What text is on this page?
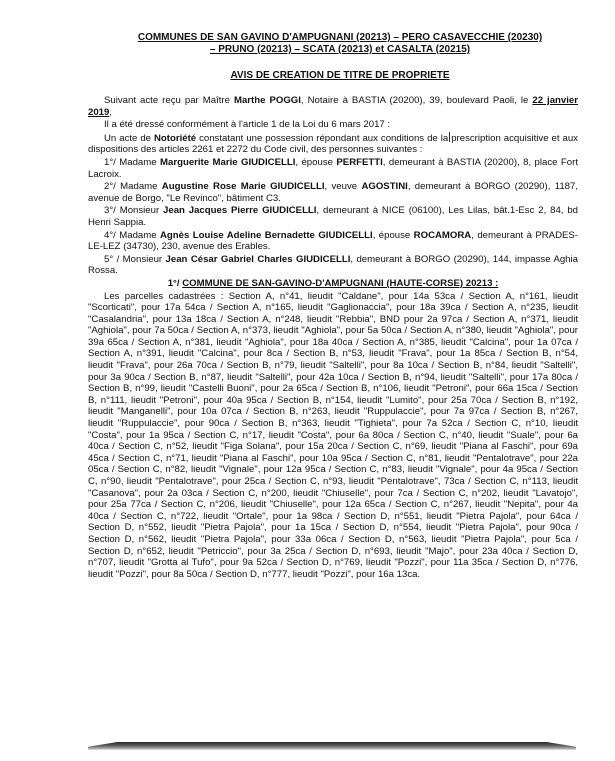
COMMUNES DE SAN GAVINO D'AMPUGNANI (20213) – PERO CASAVECCHIE (20230)
– PRUNO (20213) – SCATA (20213) et CASALTA (20215)
AVIS DE CREATION DE TITRE DE PROPRIETE

Suivant acte reçu par Maître Marthe POGGI, Notaire à BASTIA (20200), 39, boulevard Paoli, le 22 janvier 2019,

Il a été dressé conformément à l'article 1 de la Loi du 6 mars 2017 :

Un acte de Notoriété constatant une possession répondant aux conditions de la prescription acquisitive et aux dispositions des articles 2261 et 2272 du Code civil, des personnes suivantes :

1°/ Madame Marguerite Marie GIUDICELLI, épouse PERFETTI, demeurant à BASTIA (20200), 8, place Fort Lacroix.

2°/ Madame Augustine Rose Marie GIUDICELLI, veuve AGOSTINI, demeurant à BORGO (20290), 1187, avenue de Borgo, "Le Revinco", bâtiment C3.

3°/ Monsieur Jean Jacques Pierre GIUDICELLI, demeurant à NICE (06100), Les Lilas, bât.1-Esc 2, 84, bd Henri Sappia.

4°/ Madame Agnès Louise Adeline Bernadette GIUDICELLI, épouse ROCAMORA, demeurant à PRADES-LE-LEZ (34730), 230, avenue des Erables.

5° / Monsieur Jean César Gabriel Charles GIUDICELLI, demeurant à BORGO (20290), 144, impasse Aghia Rossa.

1°/ COMMUNE DE SAN-GAVINO-D'AMPUGNANI (HAUTE-CORSE) 20213 :

Les parcelles cadastrées : Section A, n°41, lieudit "Caldane", pour 14a 53ca / Section A, n°161, lieudit "Scorticati", pour 17a 54ca / Section A, n°165, lieudit "Gaglionaccia", pour 18a 39ca / Section A, n°235, lieudit "Casalandria", pour 13a 18ca / Section A, n°248, lieudit "Rebbia", BND pour 2a 97ca / Section A, n°371, lieudit "Aghiola", pour 7a 50ca / Section A, n°373, lieudit "Aghiola", pour 5a 50ca / Section A, n°380, lieudit "Aghiola", pour 39a 65ca / Section A, n°381, lieudit "Aghiola", pour 18a 40ca / Section A, n°385, lieudit "Calcina", pour 1a 07ca / Section A, n°391, lieudit "Calcina", pour 8ca / Section B, n°53, lieudit "Frava", pour 1a 85ca / Section B, n°54, lieudit "Frava", pour 26a 70ca / Section B, n°79, lieudit "Saltelli", pour 8a 10ca / Section B, n°84, lieudit "Saltelli", pour 3a 90ca / Section B, n°87, lieudit "Saltelli", pour 42a 10ca / Section B, n°94, lieudit "Saltelli", pour 17a 80ca / Section B, n°99, lieudit "Castelli Buoni", pour 2a 65ca / Section B, n°106, lieudit "Petroni", pour 66a 15ca / Section B, n°111, lieudit "Petroni", pour 40a 95ca / Section B, n°154, lieudit "Lumito", pour 25a 70ca / Section B, n°192, lieudit "Manganelli", pour 10a 07ca / Section B, n°263, lieudit "Ruppulaccie", pour 7a 97ca / Section B, n°267, lieudit "Ruppulaccie", pour 90ca / Section B, n°363, lieudit "Tighieta", pour 7a 52ca / Section C, n°10, lieudit "Costa", pour 1a 95ca / Section C, n°17, lieudit "Costa", pour 6a 80ca / Section C, n°40, lieudit "Suale", pour 6a 40ca / Section C, n°52, lieudit "Figa Solana", pour 15a 20ca / Section C, n°69, lieudit "Piana al Faschi", pour 69a 45ca / Section C, n°71, lieudit "Piana al Faschi", pour 10a 95ca / Section C, n°81, lieudit "Pentalotrave", pour 22a 05ca / Section C, n°82, lieudit "Vignale", pour 12a 95ca / Section C, n°83, lieudit "Vignale", pour 4a 95ca / Section C, n°90, lieudit "Pentalotrave", pour 25ca / Section C, n°93, lieudit "Pentalotrave", 73ca / Section C, n°113, lieudit "Casanova", pour 2a 03ca / Section C, n°200, lieudit "Chiuselle", pour 7ca / Section C, n°202, lieudit "Lavatojo", pour 25a 77ca / Section C, n°206, lieudit "Chiuselle", pour 12a 65ca / Section C, n°267, lieudit "Nepita", pour 4a 40ca / Section C, n°722, lieudit "Ortale", pour 1a 98ca / Section D, n°551, lieudit "Pietra Pajola", pour 64ca / Section D, n°552, lieudit "Pietra Pajola", pour 1a 15ca / Section D, n°554, lieudit "Pietra Pajola", pour 90ca / Section D, n°562, lieudit "Pietra Pajola", pour 33a 06ca / Section D, n°563, lieudit "Pietra Pajola", pour 5ca / Section D, n°652, lieudit "Petriccio", pour 3a 25ca / Section D, n°693, lieudit "Majo", pour 23a 40ca / Section D, n°707, lieudit "Grotta al Tufo", pour 9a 52ca / Section D, n°769, lieudit "Pozzi", pour 11a 35ca / Section D, n°776, lieudit "Pozzi", pour 8a 50ca / Section D, n°777, lieudit "Pozzi", pour 16a 13ca.
